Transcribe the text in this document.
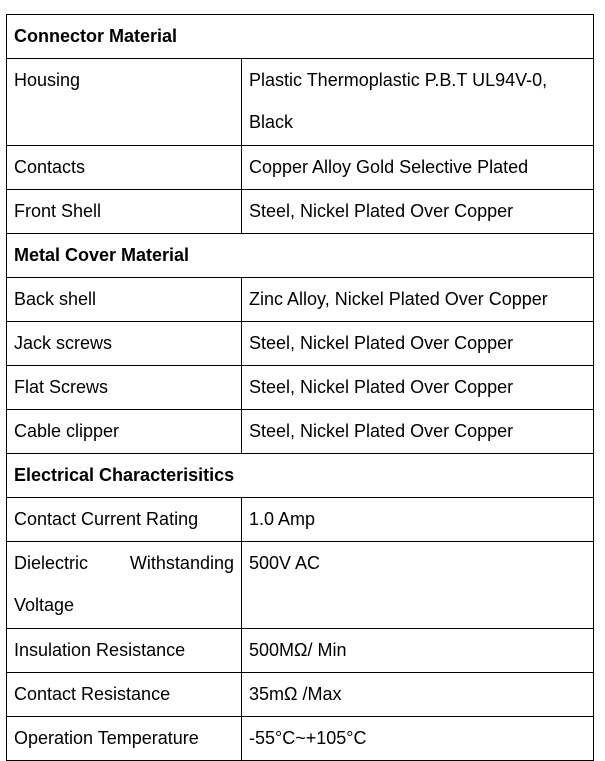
Connector Material	
Housing	Plastic Thermoplastic P.B.T UL94V-0, Black
Contacts	Copper Alloy Gold Selective Plated
Front Shell	Steel, Nickel Plated Over Copper
Metal Cover Material	
Back shell	Zinc Alloy, Nickel Plated Over Copper
Jack screws	Steel, Nickel Plated Over Copper
Flat Screws	Steel, Nickel Plated Over Copper
Cable clipper	Steel, Nickel Plated Over Copper
Electrical Characterisitics	
Contact Current Rating	1.0 Amp
Dielectric Withstanding Voltage	500V AC
Insulation Resistance	500MΩ/ Min
Contact Resistance	35mΩ /Max
Operation Temperature	-55°C~+105°C
